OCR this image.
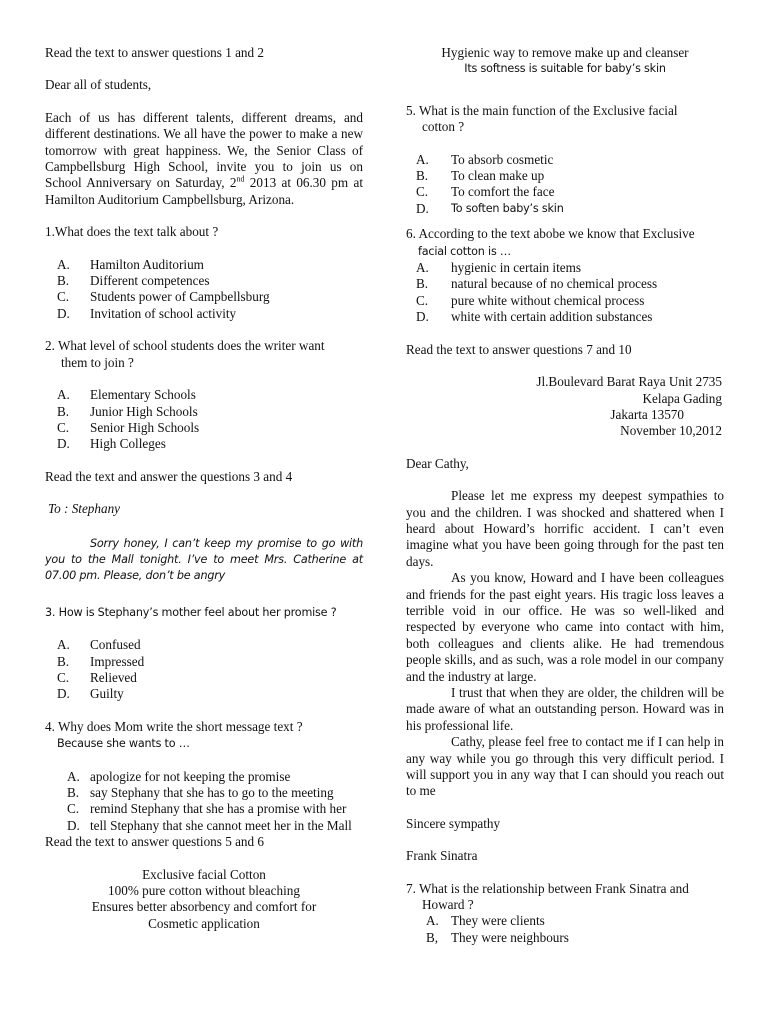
Read the text to answer questions 1 and 2

Dear all of students,

Each of us has different talents, different dreams, and different destinations. We all have the power to make a new tomorrow with great happiness. We, the Senior Class of Campbellsburg High School, invite you to join us on School Anniversary on Saturday, 2nd 2013 at 06.30 pm at Hamilton Auditorium Campbellsburg, Arizona.

1.What does the text talk about ?

A.	Hamilton Auditorium
B.	Different competences
C.	Students power of Campbellsburg
D.	Invitation of school activity

2. What level of school students does the writer want
them to join ?

A.	Elementary Schools
B.	Junior High Schools
C.	Senior High Schools
D.	High Colleges

Read the text and answer the questions 3 and 4

To : Stephany

Sorry honey, I can’t keep my promise to go with you to the Mall tonight. I’ve to meet Mrs. Catherine at 07.00 pm. Please, don’t be angry

3. How is Stephany’s mother feel about her promise ?

A.	Confused
B.	Impressed
C.	Relieved
D.	Guilty

4. Why does Mom write the short message text ?
Because she wants to …

A. apologize for not keeping the promise
B. say Stephany that she has to go to the meeting
C. remind Stephany that she has a promise with her
D. tell Stephany that she cannot meet her in the Mall

Read the text to answer questions 5 and 6

Exclusive facial Cotton

100% pure cotton without bleaching

Ensures better absorbency and comfort for

Cosmetic application

Hygienic way to remove make up and cleanser

Its softness is suitable for baby’s skin

5. What is the main function of the Exclusive facial
cotton ?

A.	To absorb cosmetic
B.	To clean make up
C.	To comfort the face
D.	To soften baby’s skin

6. According to the text abobe we know that Exclusive
facial cotton is …

A.	hygienic in certain items
B.	natural because of no chemical process
C.	pure white without chemical process
D.	white with certain addition substances

Read the text to answer questions 7 and 10

Jl.Boulevard Barat Raya Unit 2735

Kelapa Gading

Jakarta 13570

November 10,2012

Dear Cathy,

Please let me express my deepest sympathies to you and the children. I was shocked and shattered when I heard about Howard’s horrific accident. I can’t even imagine what you have been going through for the past ten days.

As you know, Howard and I have been colleagues and friends for the past eight years. His tragic loss leaves a terrible void in our office. He was so well-liked and respected by everyone who came into contact with him, both colleagues and clients alike. He had tremendous people skills, and as such, was a role model in our company and the industry at large.

I trust that when they are older, the children will be made aware of what an outstanding person. Howard was in his professional life.

Cathy, please feel free to contact me if I can help in any way while you go through this very difficult period. I will support you in any way that I can should you reach out to me

Sincere sympathy

Frank Sinatra

7. What is the relationship between Frank Sinatra and
Howard ?

A. They were clients
B, They were neighbours
